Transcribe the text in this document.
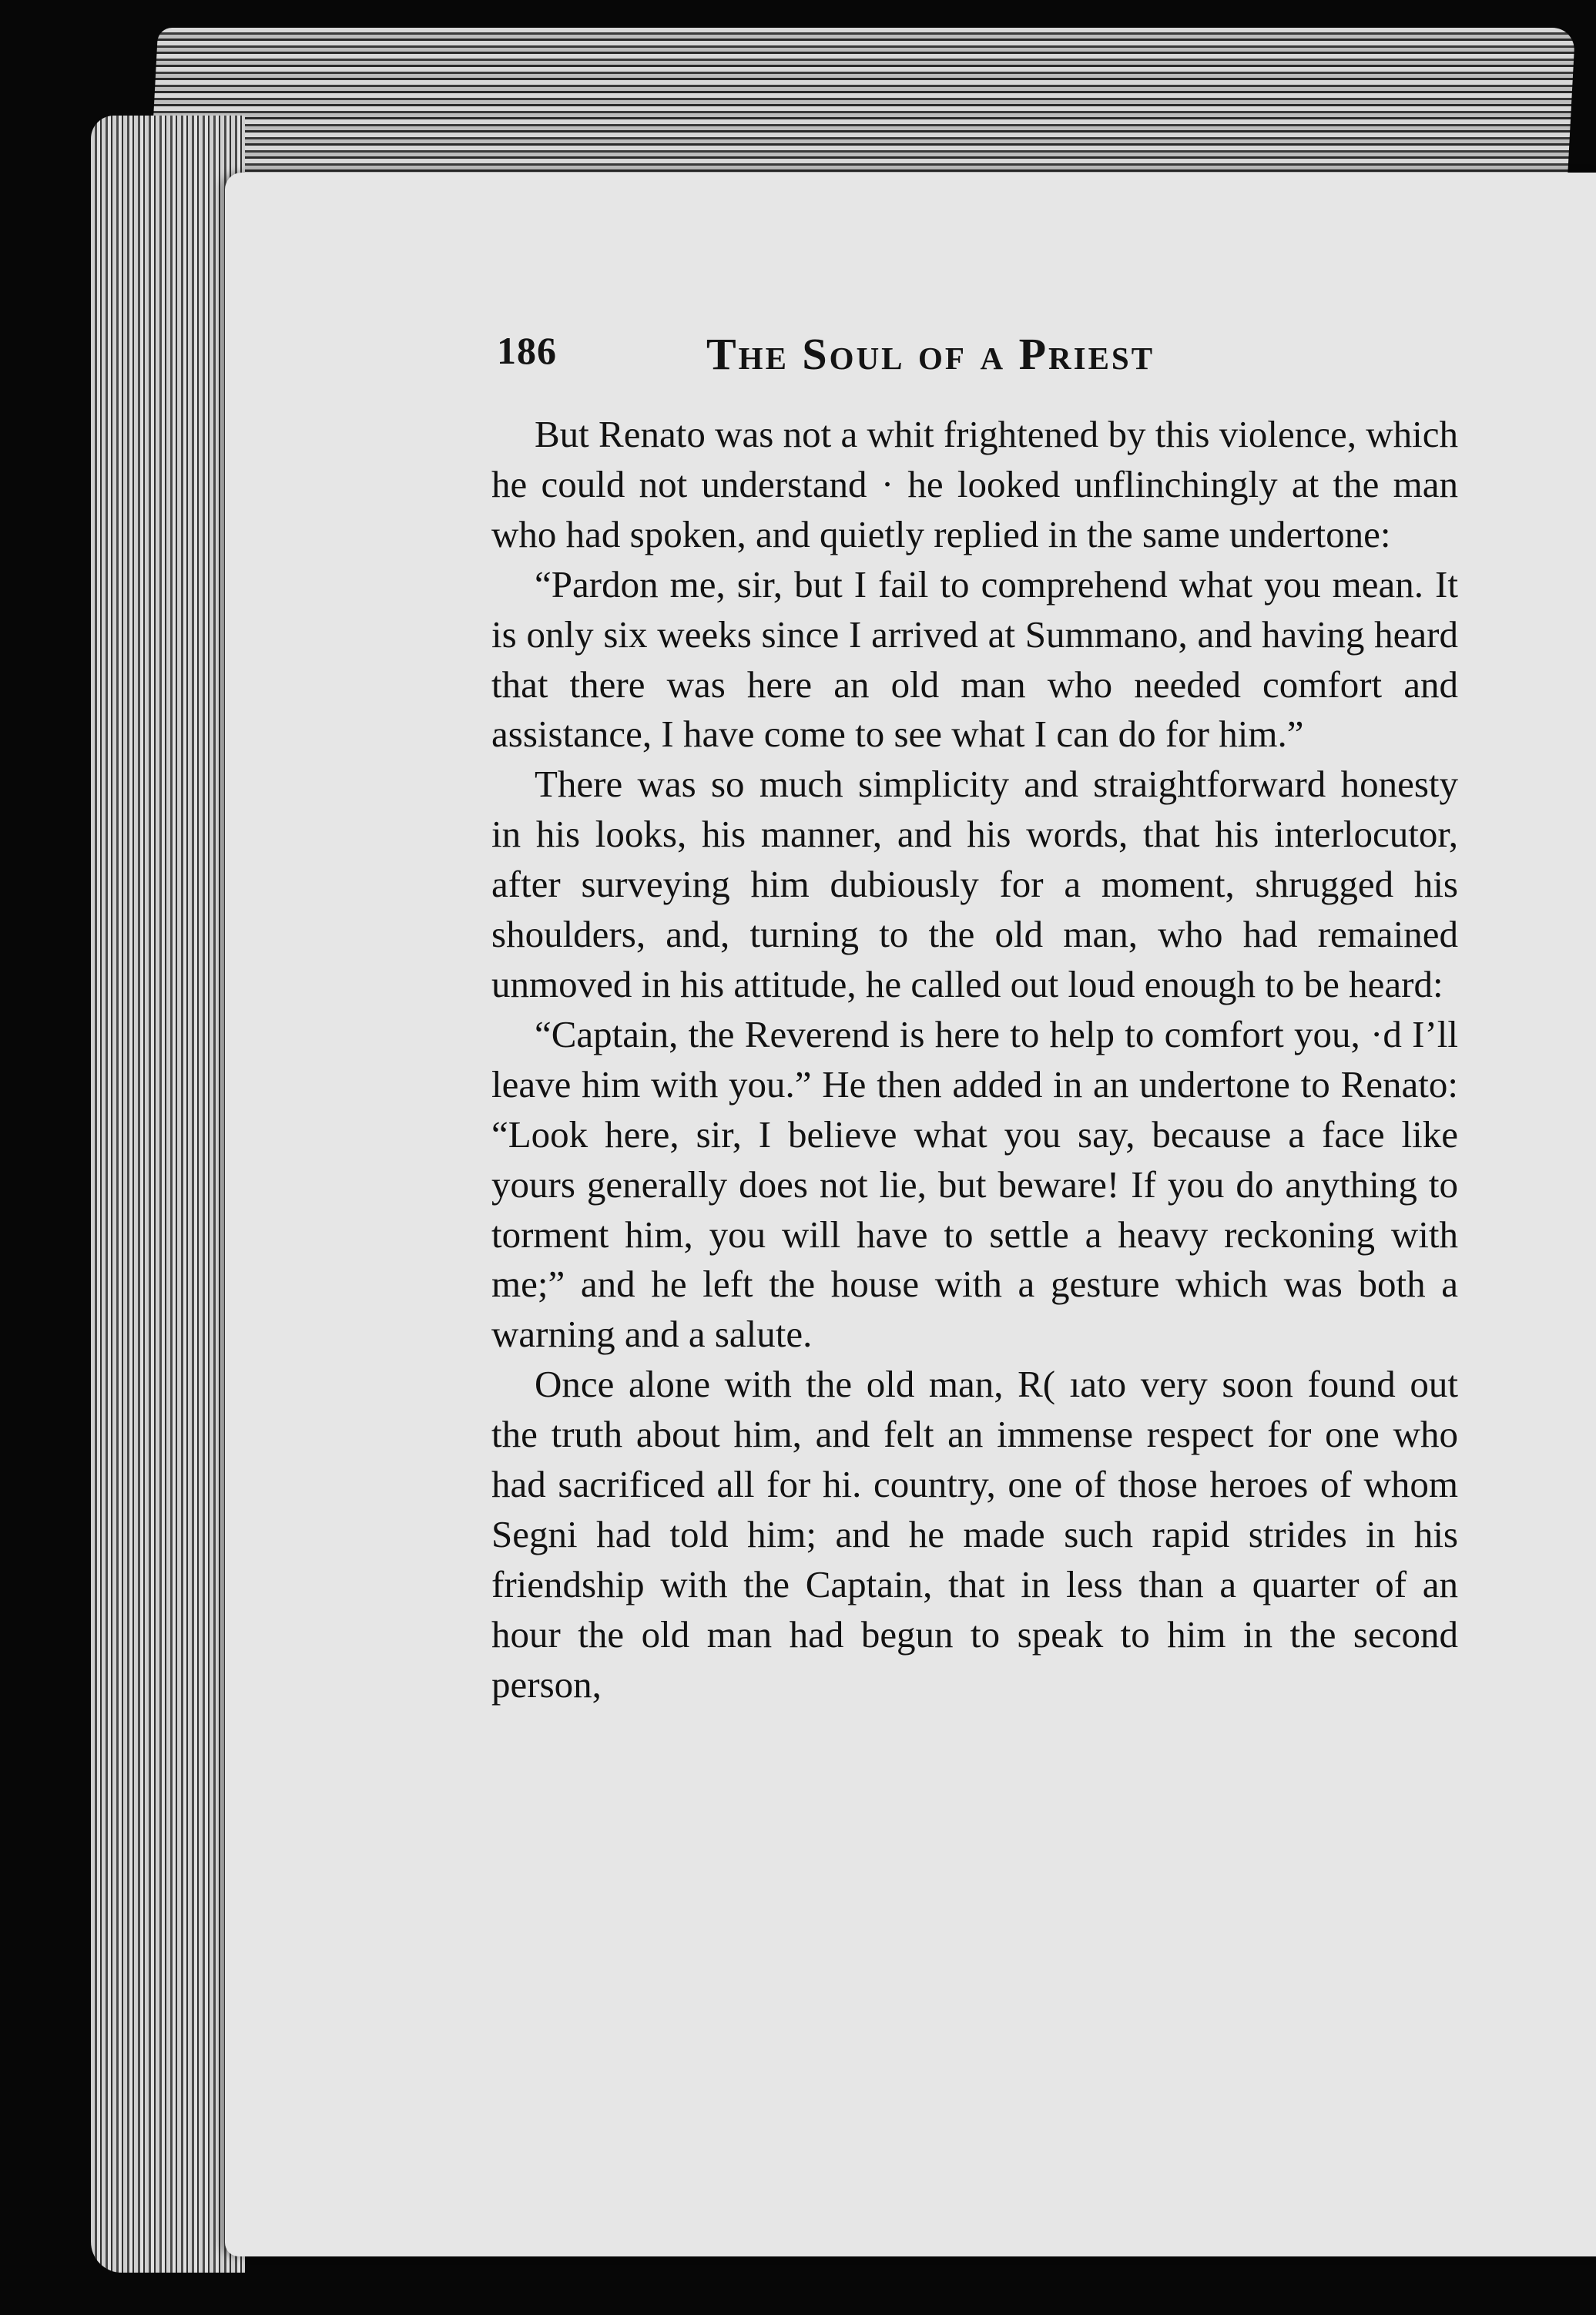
186	The Soul of a Priest

But Renato was not a whit frightened by this violence, which he could not understand · he looked unflinchingly at the man who had spoken, and quietly replied in the same undertone:

“Pardon me, sir, but I fail to comprehend what you mean. It is only six weeks since I arrived at Summano, and having heard that there was here an old man who needed comfort and assistance, I have come to see what I can do for him.”

There was so much simplicity and straightforward honesty in his looks, his manner, and his words, that his interlocutor, after surveying him dubiously for a moment, shrugged his shoulders, and, turning to the old man, who had remained unmoved in his attitude, he called out loud enough to be heard:

“Captain, the Reverend is here to help to comfort you, ·d I’ll leave him with you.” He then added in an undertone to Renato: “Look here, sir, I believe what you say, because a face like yours generally does not lie, but beware! If you do anything to torment him, you will have to settle a heavy reckoning with me;” and he left the house with a gesture which was both a warning and a salute.

Once alone with the old man, R( ıato very soon found out the truth about him, and felt an immense respect for one who had sacrificed all for hi. country, one of those heroes of whom Segni had told him; and he made such rapid strides in his friendship with the Captain, that in less than a quarter of an hour the old man had begun to speak to him in the second person,
